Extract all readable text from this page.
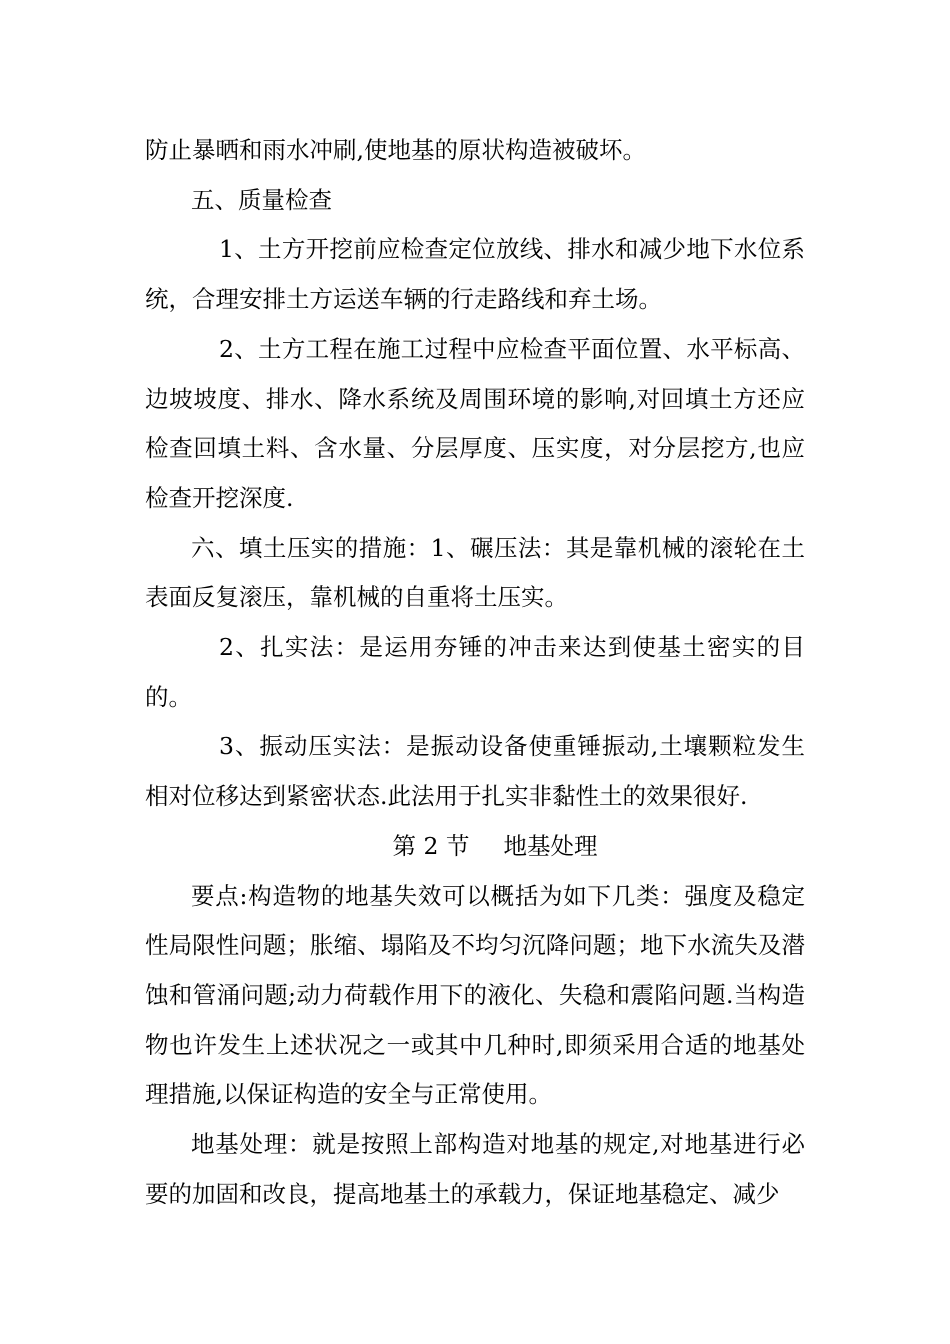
防止暴晒和雨水冲刷,使地基的原状构造被破坏。

五、质量检查

1、土方开挖前应检查定位放线、排水和减少地下水位系统，合理安排土方运送车辆的行走路线和弃土场。

2、土方工程在施工过程中应检查平面位置、水平标高、边坡坡度、排水、降水系统及周围环境的影响,对回填土方还应检查回填土料、含水量、分层厚度、压实度，对分层挖方,也应检查开挖深度.

六、填土压实的措施：1、碾压法：其是靠机械的滚轮在土表面反复滚压，靠机械的自重将土压实。

2、扎实法：是运用夯锤的冲击来达到使基土密实的目的。

3、振动压实法：是振动设备使重锤振动,土壤颗粒发生相对位移达到紧密状态.此法用于扎实非黏性土的效果很好.

第 2 节 地基处理

要点:构造物的地基失效可以概括为如下几类：强度及稳定性局限性问题；胀缩、塌陷及不均匀沉降问题；地下水流失及潜蚀和管涌问题;动力荷载作用下的液化、失稳和震陷问题.当构造物也许发生上述状况之一或其中几种时,即须采用合适的地基处理措施,以保证构造的安全与正常使用。

地基处理：就是按照上部构造对地基的规定,对地基进行必要的加固和改良，提高地基土的承载力，保证地基稳定、减少
